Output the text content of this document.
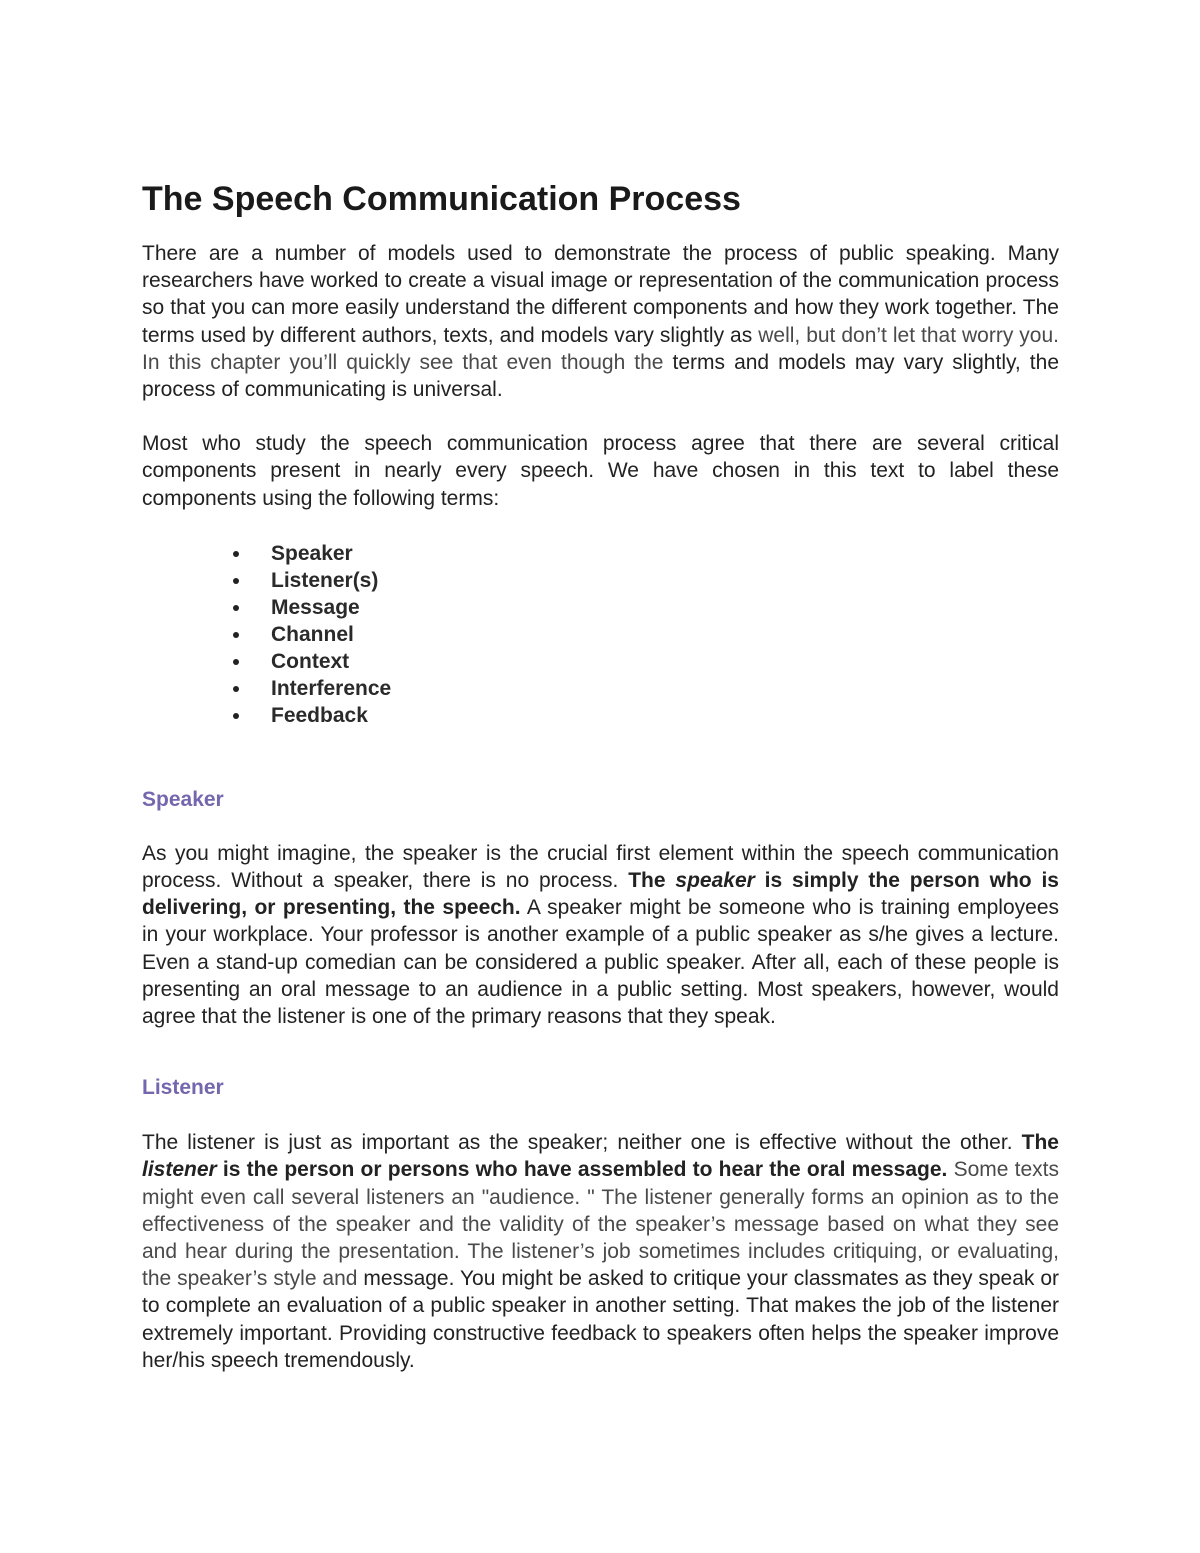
The Speech Communication Process

There are a number of models used to demonstrate the process of public speaking. Many researchers have worked to create a visual image or representation of the communication process so that you can more easily understand the different components and how they work together. The terms used by different authors, texts, and models vary slightly as well, but don’t let that worry you. In this chapter you’ll quickly see that even though the terms and models may vary slightly, the process of communicating is universal.

Most who study the speech communication process agree that there are several critical components present in nearly every speech. We have chosen in this text to label these components using the following terms:

Speaker
Listener(s)
Message
Channel
Context
Interference
Feedback
Speaker

As you might imagine, the speaker is the crucial first element within the speech communication process. Without a speaker, there is no process. The speaker is simply the person who is delivering, or presenting, the speech. A speaker might be someone who is training employees in your workplace. Your professor is another example of a public speaker as s/he gives a lecture. Even a stand-up comedian can be considered a public speaker. After all, each of these people is presenting an oral message to an audience in a public setting. Most speakers, however, would agree that the listener is one of the primary reasons that they speak.

Listener

The listener is just as important as the speaker; neither one is effective without the other. The listener is the person or persons who have assembled to hear the oral message. Some texts might even call several listeners an "audience. " The listener generally forms an opinion as to the effectiveness of the speaker and the validity of the speaker’s message based on what they see and hear during the presentation. The listener’s job sometimes includes critiquing, or evaluating, the speaker’s style and message. You might be asked to critique your classmates as they speak or to complete an evaluation of a public speaker in another setting. That makes the job of the listener extremely important. Providing constructive feedback to speakers often helps the speaker improve her/his speech tremendously.
